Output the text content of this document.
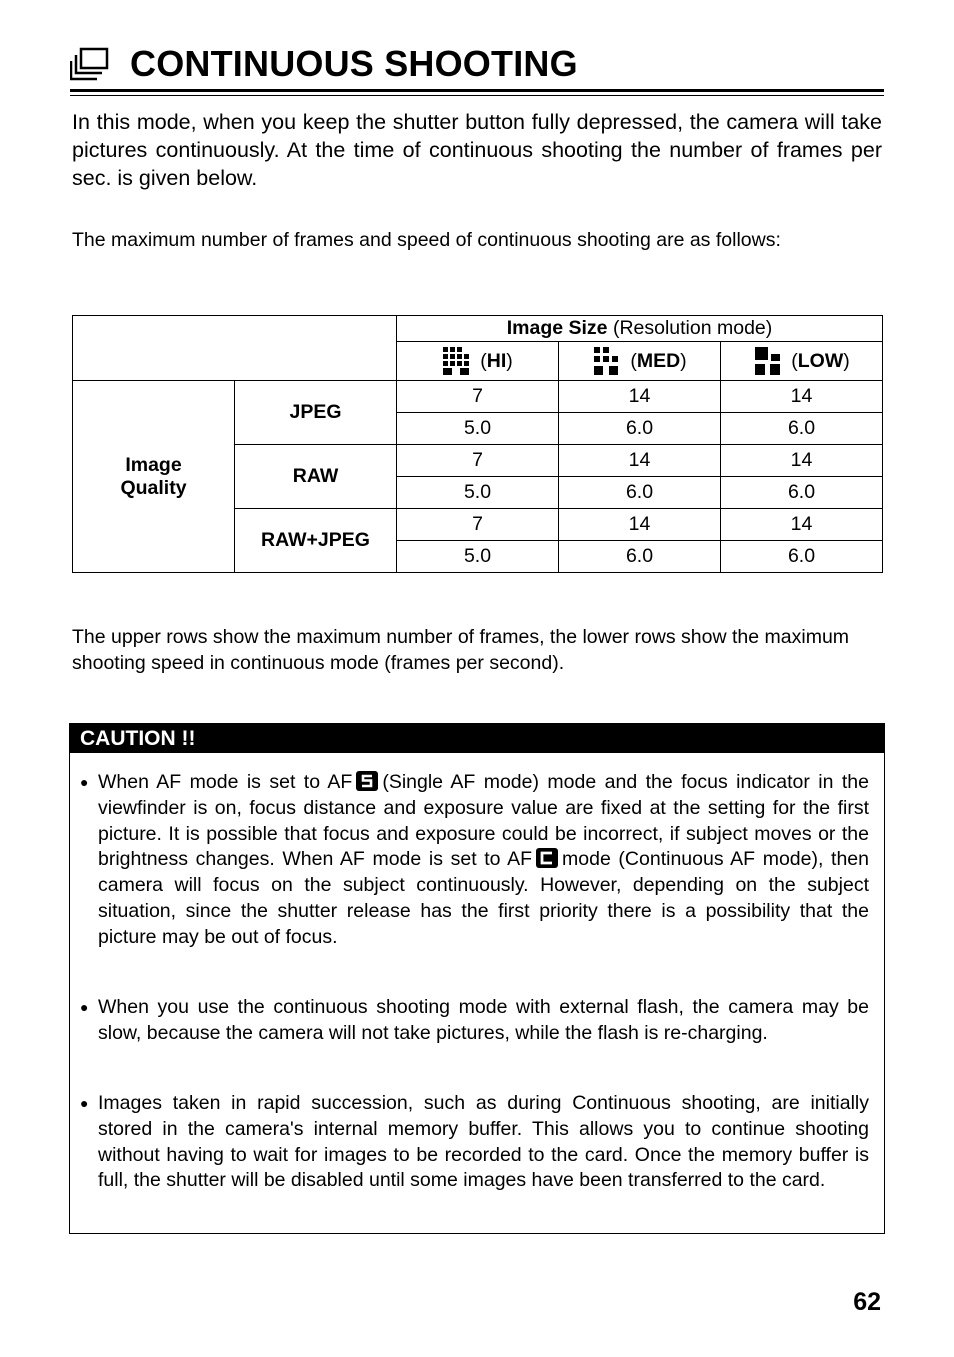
CONTINUOUS SHOOTING

In this mode, when you keep the shutter button fully depressed, the camera will take pictures continuously. At the time of continuous shooting the number of frames per sec. is given below.

The maximum number of frames and speed of continuous shooting are as follows:

		Image Size (Resolution mode)		

		(HI)	(MED)	(LOW)

Image
Quality	JPEG	7	14	14
		5.0	6.0	6.0
	RAW	7	14	14
		5.0	6.0	6.0
	RAW+JPEG	7	14	14
		5.0	6.0	6.0

The upper rows show the maximum number of frames, the lower rows show the maximum shooting speed in continuous mode (frames per second).

CAUTION !!
● When AF mode is set to AF (Single AF mode) mode and the focus indicator in the viewfinder is on, focus distance and exposure value are fixed at the setting for the first picture. It is possible that focus and exposure could be incorrect, if subject moves or the brightness changes. When AF mode is set to AF mode (Continuous AF mode), then camera will focus on the subject continuously. However, depending on the subject situation, since the shutter release has the first priority there is a possibility that the picture may be out of focus.
● When you use the continuous shooting mode with external flash, the camera may be slow, because the camera will not take pictures, while the flash is re-charging.
● Images taken in rapid succession, such as during Continuous shooting, are initially stored in the camera's internal memory buffer. This allows you to continue shooting without having to wait for images to be recorded to the card. Once the memory buffer is full, the shutter will be disabled until some images have been transferred to the card.
62
